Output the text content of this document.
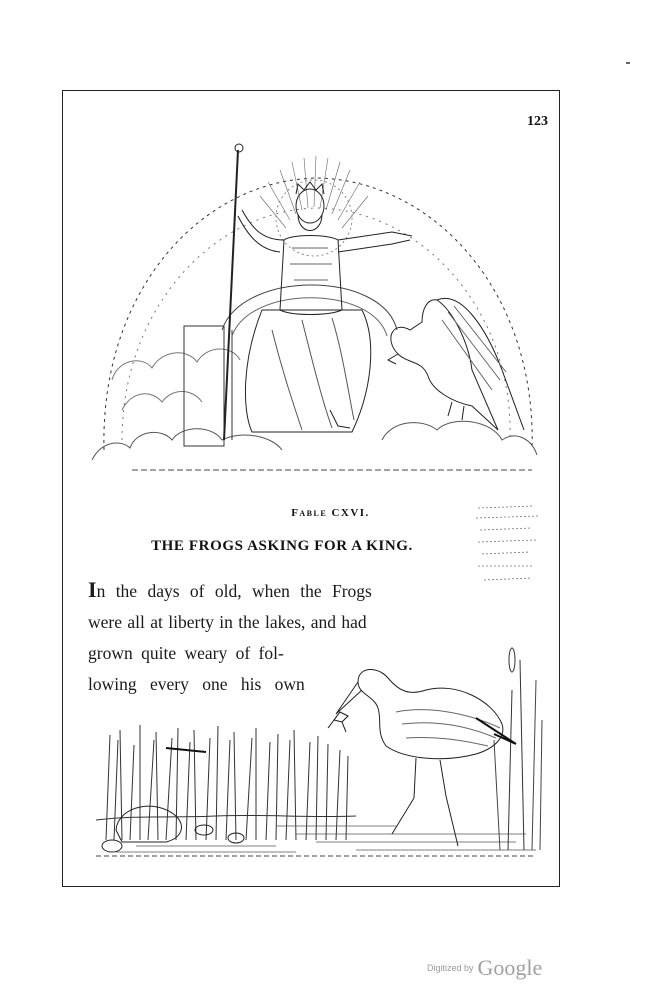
123
Fable CXVI.
THE FROGS ASKING FOR A KING.
In the days of old, when the Frogs
were all at liberty in the lakes, and had
grown quite weary of fol-
lowing every one his own
Digitized by Google
